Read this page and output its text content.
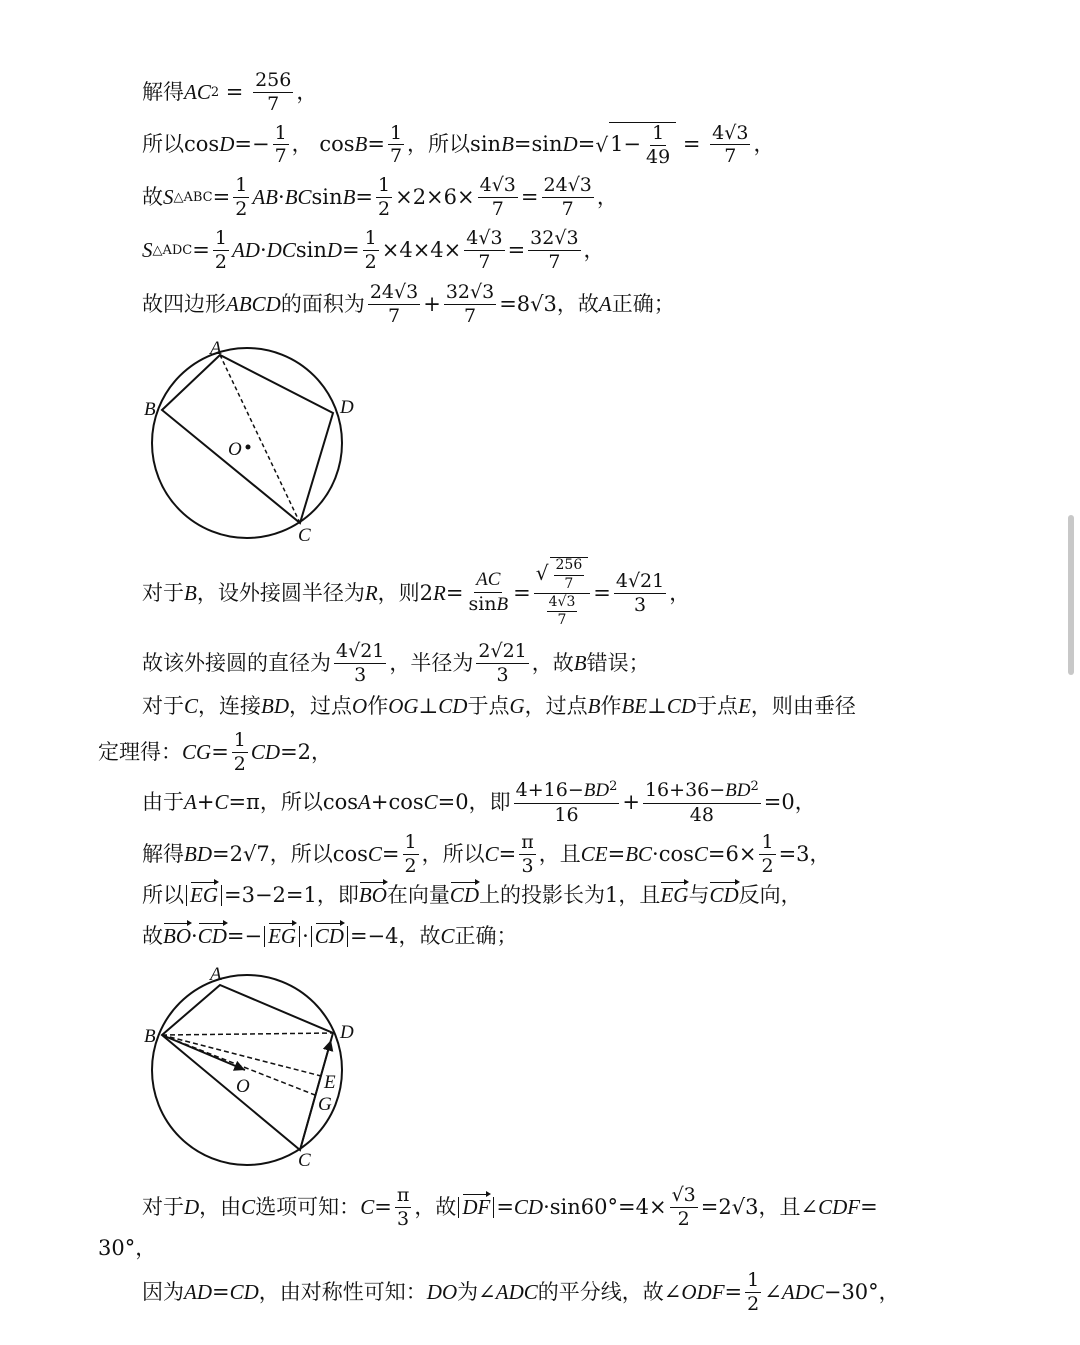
解得 AC $2 = \frac{256}{7}$ ，
所以 $\cos D =- \frac{1}{7}$ ， $\cos B = \frac{1}{7}$ ，所以 sin B =sin D = √ $1- \frac{1}{49} = \frac{4√3}{7}$ ，
故 S △ABC = $\frac{1}{2}$ AB · BC $\sin B = \frac{1}{2} \times 2\times 6\times \frac{4√3}{7} = \frac{24√3}{7}$ ，
S △ADC = $\frac{1}{2}$ AD · DC $\sin D = \frac{1}{2} \times 4\times 4\times \frac{4√3}{7} = \frac{32√3}{7}$ ，
故四边形 ABCD 的面积为 $\frac{24√3}{7} + \frac{32√3}{7} =8√3$ ，故 A 正确；
A
B	D
O
C
对于 B ，设外接圆半径为 R ，则 2 $R = \frac{AC}{\sin B} = \frac{√ \frac{256}{7}}{\frac{4√3}{7}} = \frac{4√21}{3}$ ，
故该外接圆的直径为 $\frac{4√21}{3}$ ，半径为 $\frac{2√21}{3}$ ，故 B 错误；
对于 C ，连接 BD ，过点 O 作 OG ⊥ CD 于点 G ，过点 B 作 BE ⊥ CD 于点 E ，则由垂径
定理得： CG = $\frac{1}{2}$ CD =2，
由于 A + C =π ，所以 cos A +cos C =0 ，即 $\frac{4+16-BD^2}{16} + \frac{16+36-BD^2}{48} =0$，
解得 BD =2√7 ，所以 $\cos C = \frac{1}{2}$ ，所以 $C = \frac{\pi}{3}$ ，且 CE = BC ·cos $C =6\times \frac{1}{2} =3$，
所以 EG =3−2=1 ，即 BO 在向量 CD 上的投影长为1，且 EG 与 CD 反向，
故 BO · CD =− EG · CD =−4 ，故 C 正确；
A
B	D
O	E
G
C
对于 D ，由 C 选项可知： $C = \frac{\pi}{3}$ ，故 DF = CD $\cdot\sin 60^\circ=4\times \frac{√3}{2} =2√3$ ，且 ∠ CDF =
30°，
因为 AD = CD ，由对称性可知： DO 为 ∠ ADC 的平分线，故 ∠ ODF = $\frac{1}{2}$ ∠ ADC −30°，
